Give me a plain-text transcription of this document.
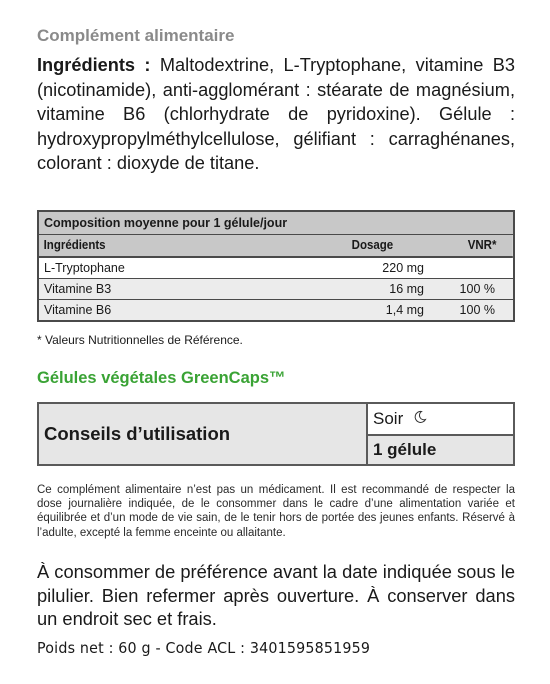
Complément alimentaire
Ingrédients : Maltodextrine, L-Tryptophane, vitamine B3 (nicotinamide), anti-agglomérant : stéarate de magnésium, vitamine B6 (chlorhydrate de pyridoxine). Gélule : hydroxypropylméthylcellulose, gélifiant : carraghénanes, colorant : dioxyde de titane.
Composition moyenne pour 1 gélule/jour
Ingrédients	Dosage	VNR*
L-Tryptophane	220 mg
Vitamine B3	16 mg	100 %
Vitamine B6	1,4 mg	100 %
* Valeurs Nutritionnelles de Référence.
Gélules végétales GreenCaps™
Conseils d’utilisation
Soir
1 gélule
Ce complément alimentaire n’est pas un médicament. Il est recommandé de respecter la dose journalière indiquée, de le consommer dans le cadre d’une alimentation variée et équilibrée et d’un mode de vie sain, de le tenir hors de portée des jeunes enfants. Réservé à l’adulte, excepté la femme enceinte ou allaitante.
À consommer de préférence avant la date indiquée sous le pilulier. Bien refermer après ouverture. À conserver dans un endroit sec et frais.
Poids net : 60 g - Code ACL : 3401595851959
